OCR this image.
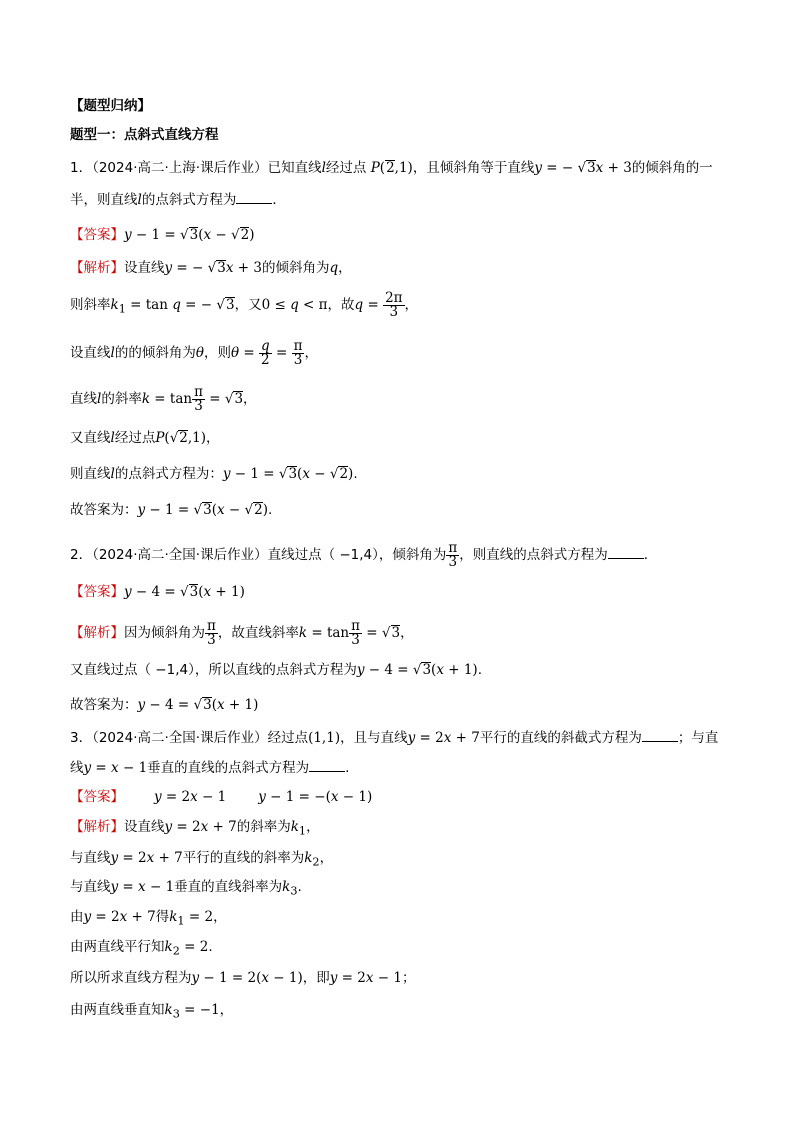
【题型归纳】
题型一：点斜式直线方程
1．（2024·高二·上海·课后作业）已知直线l经过点 P(2,1)，且倾斜角等于直线y = − √3x + 3的倾斜角的一
半，则直线l的点斜式方程为	．
【答案】y − 1 = √3(x − √2)
【解析】设直线y = − √3x + 3的倾斜角为q，
则斜率$k_1 = \tan q$ = − √3，又0 ≤ q < π，故$q = \frac{2\pi}{3}$ ，
设直线l的的倾斜角为θ，则$\theta = \frac{q}{2} = \frac{\pi}{3}$ ，
直线l的斜率$k = \tan \frac{\pi}{3} = √3$，
又直线l经过点P(√2,1)，
则直线l的点斜式方程为：y − 1 = √3(x − √2).
故答案为：y − 1 = √3(x − √2).
2．（2024·高二·全国·课后作业）直线过点（ −1,4），倾斜角为 $\frac{\pi}{3}$ ，则直线的点斜式方程为	．
【答案】y − 4 = √3(x + 1)
【解析】因为倾斜角为 $\frac{\pi}{3}$ ，故直线斜率$k = \tan \frac{\pi}{3} = √3$，
又直线过点（ −1,4），所以直线的点斜式方程为y − 4 = √3(x + 1).
故答案为：y − 4 = √3(x + 1)
3．（2024·高二·全国·课后作业）经过点(1,1)，且与直线y = 2x + 7平行的直线的斜截式方程为	；与直
线y = x − 1垂直的直线的点斜式方程为	.
【答案】 y = 2x − 1 y − 1 = −(x − 1)
【解析】设直线y = 2x + 7的斜率为$k_1$，
与直线y = 2x + 7平行的直线的斜率为$k_2$，
与直线y = x − 1垂直的直线斜率为$k_3$.
由y = 2x + 7得$k_1 = 2$，
由两直线平行知$k_2 = 2$.
所以所求直线方程为y − 1 = 2(x − 1)，即y = 2x − 1；
由两直线垂直知$k_3 = -1$，
